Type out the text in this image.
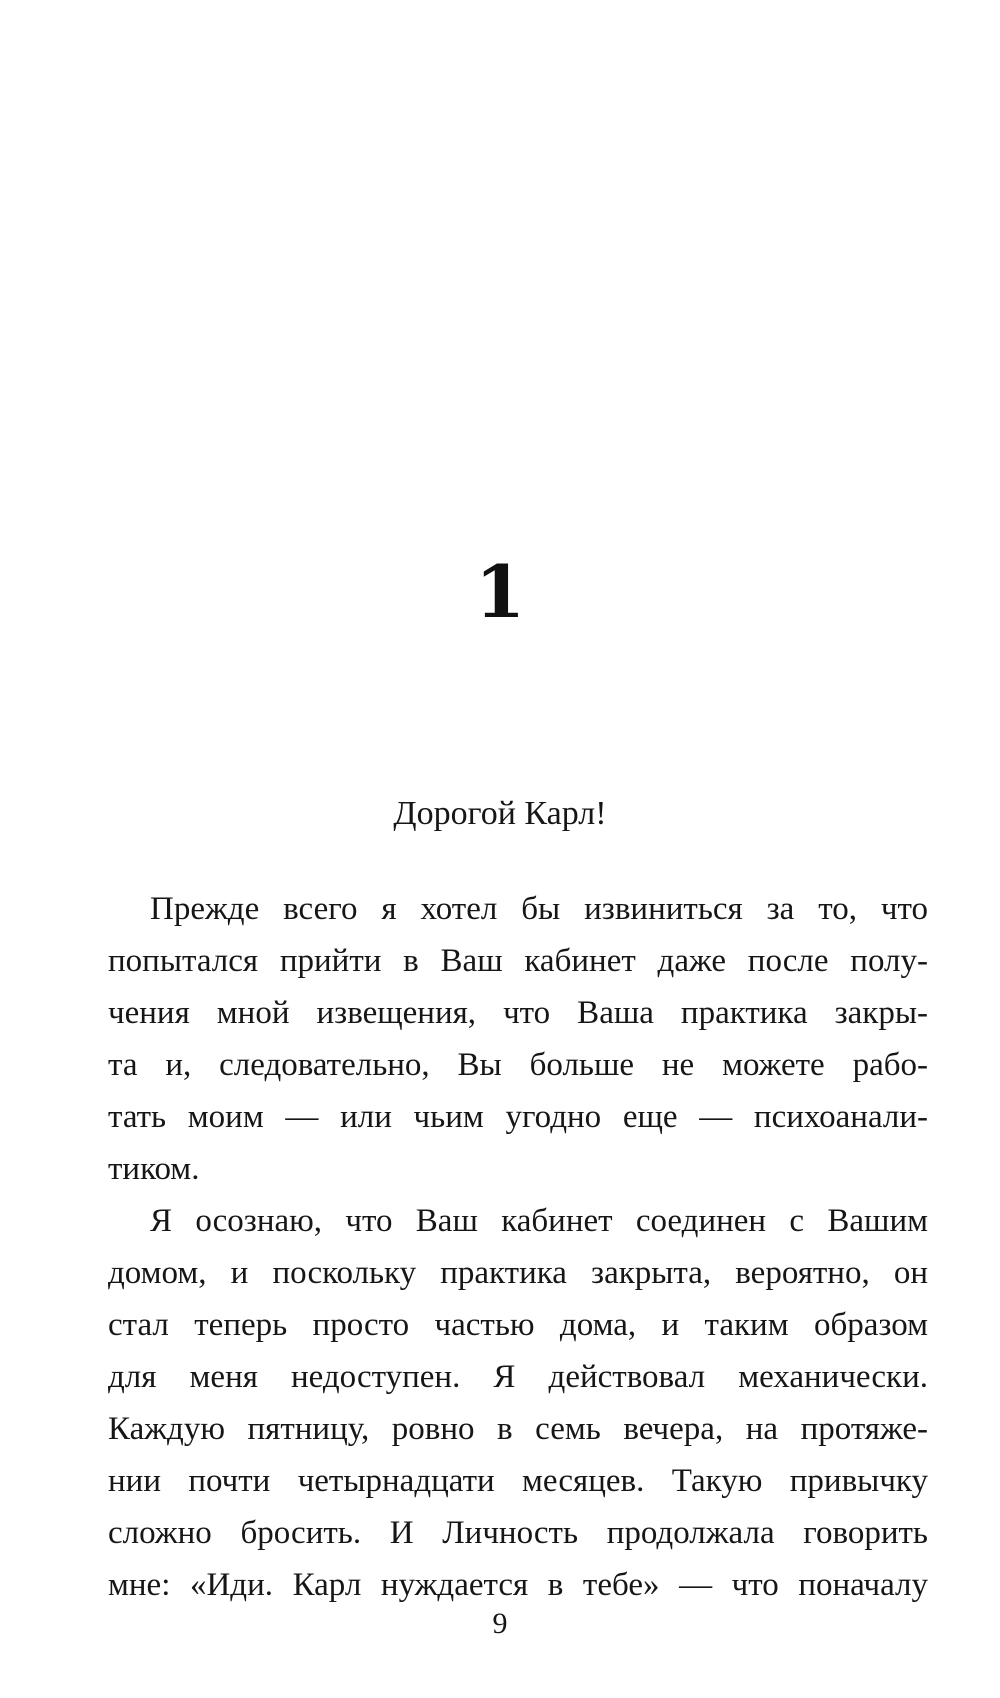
1
Дорогой Карл!
Прежде всего я хотел бы извиниться за то, что
попытался прийти в Ваш кабинет даже после полу-
чения мной извещения, что Ваша практика закры-
та и, следовательно, Вы больше не можете рабо-
тать моим — или чьим угодно еще — психоанали-
тиком.
Я осознаю, что Ваш кабинет соединен с Вашим
домом, и поскольку практика закрыта, вероятно, он
стал теперь просто частью дома, и таким образом
для меня недоступен. Я действовал механически.
Каждую пятницу, ровно в семь вечера, на протяже-
нии почти четырнадцати месяцев. Такую привычку
сложно бросить. И Личность продолжала говорить
мне: «Иди. Карл нуждается в тебе» — что поначалу
9
